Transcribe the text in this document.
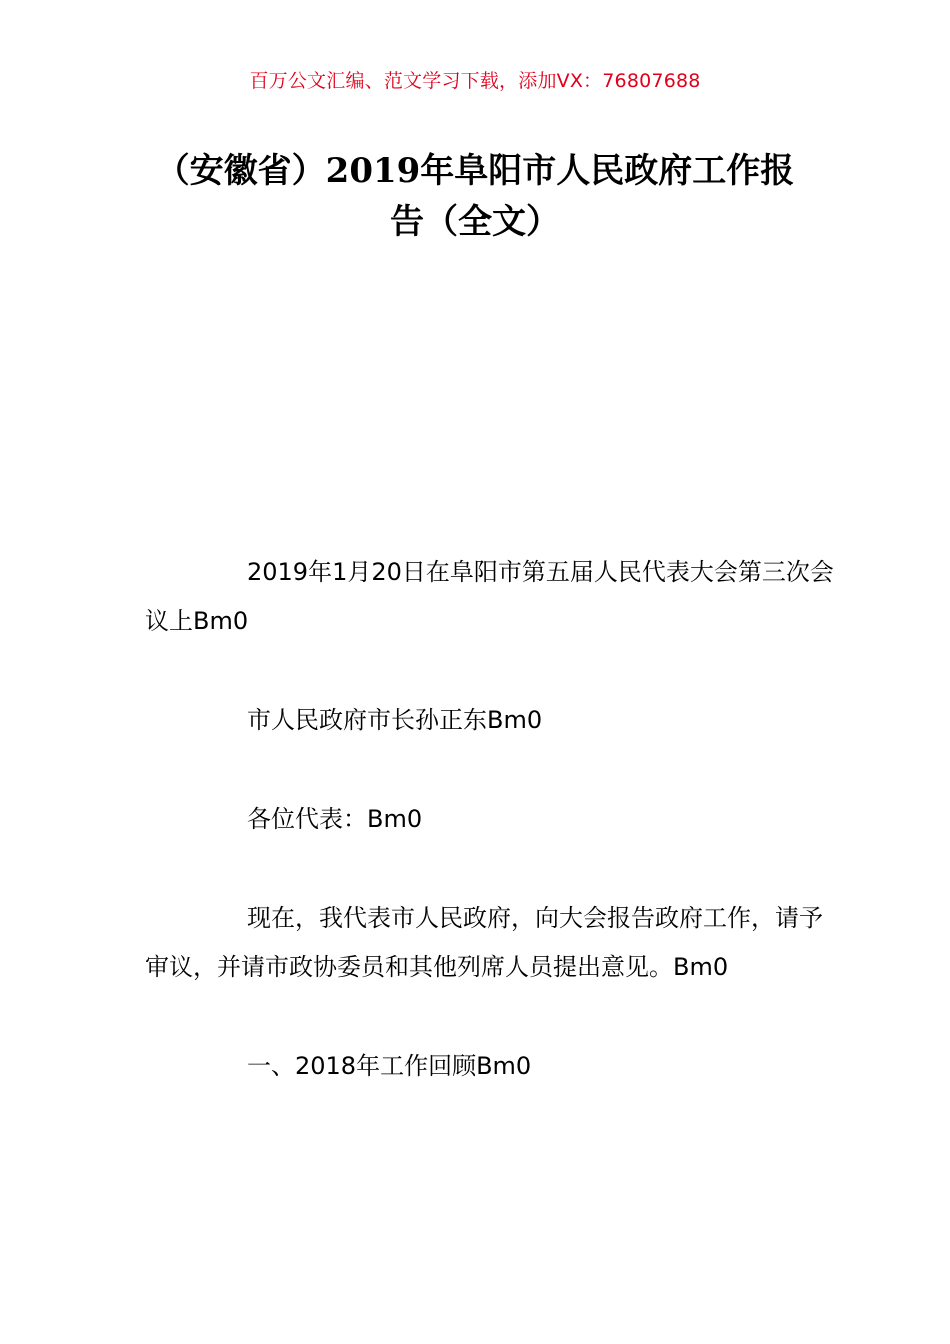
百万公文汇编、范文学习下载，添加VX：76807688
（安徽省）2019年阜阳市人民政府工作报告（全文）

2019年1月20日在阜阳市第五届人民代表大会第三次会议上Bm0

市人民政府市长孙正东Bm0

各位代表：Bm0

现在，我代表市人民政府，向大会报告政府工作，请予审议，并请市政协委员和其他列席人员提出意见。Bm0

一、2018年工作回顾Bm0
